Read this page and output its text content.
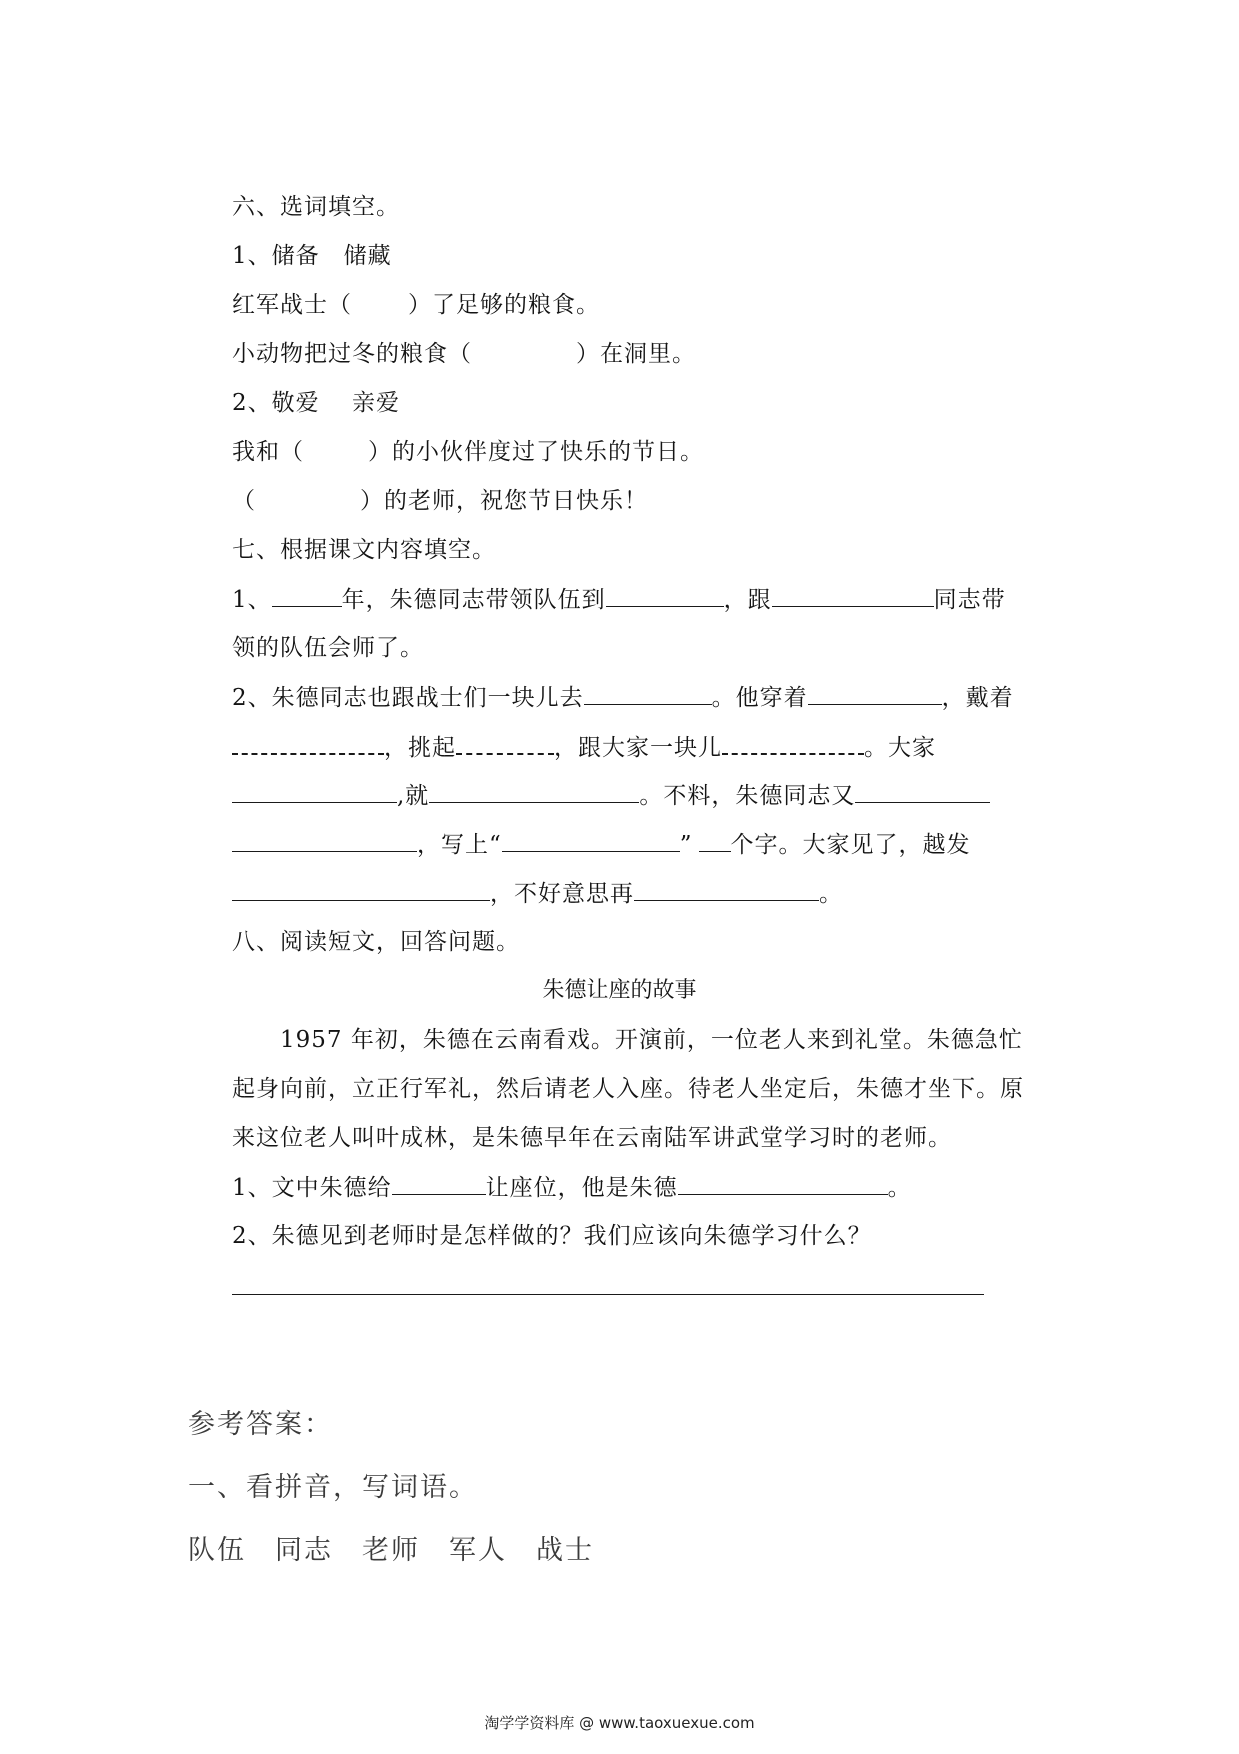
六、选词填空。
1、储备　储藏
红军战士（ ）了足够的粮食。
小动物把过冬的粮食（	）在洞里。
2、敬爱　 亲爱
我和（	）的小伙伴度过了快乐的节日。
（	）的老师，祝您节日快乐！
七、根据课文内容填空。
1、	年，朱德同志带领队伍到	，跟	同志带
领的队伍会师了。
2、朱德同志也跟战士们一块儿去	。他穿着	，戴着
，挑起	，跟大家一块儿	。大家
,就	。不料，朱德同志又
，写上“	” 个字。大家见了，越发
，不好意思再	。
八、阅读短文，回答问题。
朱德让座的故事
1957 年初，朱德在云南看戏。开演前，一位老人来到礼堂。朱德急忙
起身向前，立正行军礼，然后请老人入座。待老人坐定后，朱德才坐下。原
来这位老人叫叶成林，是朱德早年在云南陆军讲武堂学习时的老师。
1、文中朱德给	让座位，他是朱德	。
2、朱德见到老师时是怎样做的？我们应该向朱德学习什么？
参考答案：
一、看拼音，写词语。
队伍　同志　老师　军人　战士
淘学学资料库 @ www.taoxuexue.com
